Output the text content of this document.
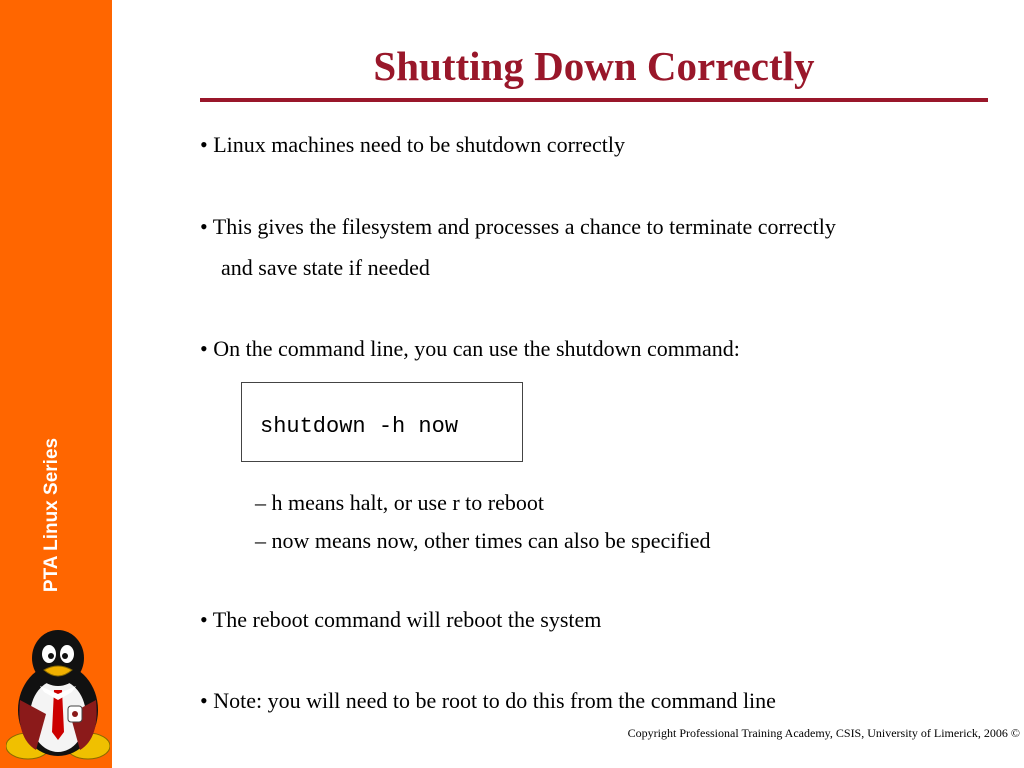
PTA Linux Series
Shutting Down Correctly
• Linux machines need to be shutdown correctly
• This gives the filesystem and processes a chance to terminate correctly
and save state if needed
• On the command line, you can use the shutdown command:
shutdown -h now
– h means halt, or use r to reboot
– now means now, other times can also be specified
• The reboot command will reboot the system
• Note: you will need to be root to do this from the command line
Copyright Professional Training Academy, CSIS, University of Limerick, 2006 ©
